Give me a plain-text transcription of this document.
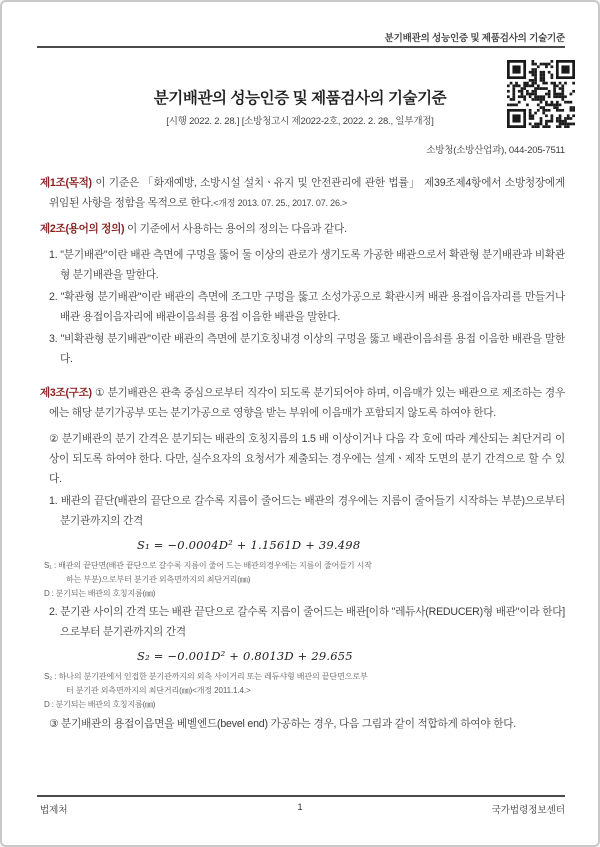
분기배관의 성능인증 및 제품검사의 기술기준
분기배관의 성능인증 및 제품검사의 기술기준
[시행 2022. 2. 28.] [소방청고시 제2022-2호, 2022. 2. 28., 일부개정]
소방청(소방산업과), 044-205-7511

제1조(목적) 이 기준은 「화재예방, 소방시설 설치ㆍ유지 및 안전관리에 관한 법률」 제39조제4항에서 소방청장에게 위임된 사항을 정함을 목적으로 한다.<개정 2013. 07. 25., 2017. 07. 26.>

제2조(용어의 정의) 이 기준에서 사용하는 용어의 정의는 다음과 같다.

1. "분기배관"이란 배관 측면에 구멍을 뚫어 둘 이상의 관로가 생기도록 가공한 배관으로서 확관형 분기배관과 비확관형 분기배관을 말한다.

2. "확관형 분기배관"이란 배관의 측면에 조그만 구멍을 뚫고 소성가공으로 확관시켜 배관 용접이음자리를 만들거나 배관 용접이음자리에 배관이음쇠를 용접 이음한 배관을 말한다.

3. "비확관형 분기배관"이란 배관의 측면에 분기호칭내경 이상의 구멍을 뚫고 배관이음쇠를 용접 이음한 배관을 말한다.

제3조(구조) ① 분기배관은 관축 중심으로부터 직각이 되도록 분기되어야 하며, 이음매가 있는 배관으로 제조하는 경우에는 해당 분기가공부 또는 분기가공으로 영향을 받는 부위에 이음매가 포함되지 않도록 하여야 한다.

② 분기배관의 분기 간격은 분기되는 배관의 호칭지름의 1.5 배 이상이거나 다음 각 호에 따라 계산되는 최단거리 이상이 되도록 하여야 한다. 다만, 실수요자의 요청서가 제출되는 경우에는 설계ㆍ제작 도면의 분기 간격으로 할 수 있다.

1. 배관의 끝단(배관의 끝단으로 갈수록 지름이 줄어드는 배관의 경우에는 지름이 줄어들기 시작하는 부분)으로부터 분기관까지의 간격

S₁ = −0.0004D² + 1.1561D + 39.498

S₁ : 배관의 끝단면(배관 끝단으로 갈수록 지름이 줄어 드는 배관의경우에는 지름이 줄어들기 시작
하는 부분)으로부터 분기관 외측면까지의 최단거리(㎜)

D : 분기되는 배관의 호칭지름(㎜)

2. 분기관 사이의 간격 또는 배관 끝단으로 갈수록 지름이 줄어드는 배관[이하 "레듀사(REDUCER)형 배관"이라 한다]으로부터 분기관까지의 간격

S₂ = −0.001D² + 0.8013D + 29.655

S₂ : 하나의 분기관에서 인접한 분기관까지의 외측 사이거리 또는 레듀샤형 배관의 끝단면으로부
터 분기관 외측면까지의 최단거리(㎜)<개정 2011.1.4.>

D : 분기되는 배관의 호칭지름(㎜)

③ 분기배관의 용접이음면을 베벨엔드(bevel end) 가공하는 경우, 다음 그림과 같이 적합하게 하여야 한다.

법제처	1	국가법령정보센터
